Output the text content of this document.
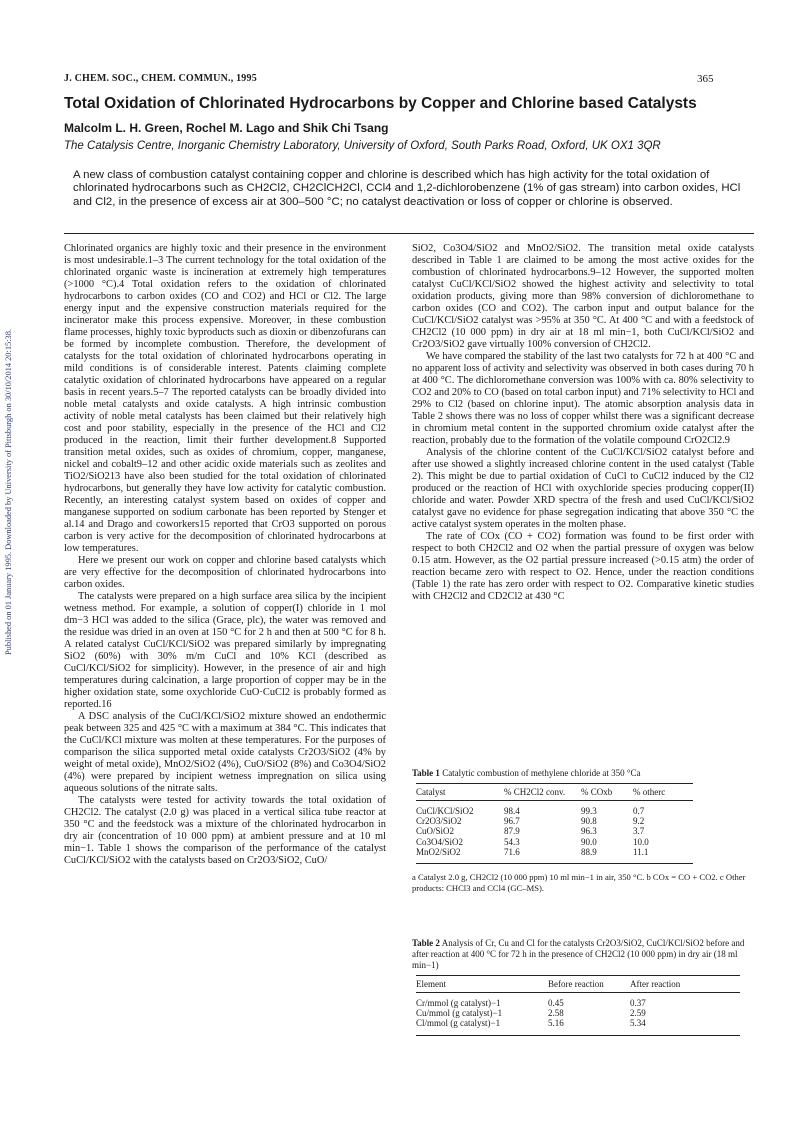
J. CHEM. SOC., CHEM. COMMUN., 1995	365
Total Oxidation of Chlorinated Hydrocarbons by Copper and Chlorine based Catalysts
Malcolm L. H. Green, Rochel M. Lago and Shik Chi Tsang
The Catalysis Centre, Inorganic Chemistry Laboratory, University of Oxford, South Parks Road, Oxford, UK OX1 3QR
A new class of combustion catalyst containing copper and chlorine is described which has high activity for the total oxidation of chlorinated hydrocarbons such as CH2Cl2, CH2ClCH2Cl, CCl4 and 1,2-dichlorobenzene (1% of gas stream) into carbon oxides, HCl and Cl2, in the presence of excess air at 300–500 °C; no catalyst deactivation or loss of copper or chlorine is observed.
Published on 01 January 1995. Downloaded by University of Pittsburgh on 30/10/2014 20:15:38.

Chlorinated organics are highly toxic and their presence in the environment is most undesirable.1–3 The current technology for the total oxidation of the chlorinated organic waste is incineration at extremely high temperatures (>1000 °C).4 Total oxidation refers to the oxidation of chlorinated hydrocarbons to carbon oxides (CO and CO2) and HCl or Cl2. The large energy input and the expensive construction materials required for the incinerator make this process expensive. Moreover, in these combustion flame processes, highly toxic byproducts such as dioxin or dibenzofurans can be formed by incomplete combustion. Therefore, the development of catalysts for the total oxidation of chlorinated hydrocarbons operating in mild conditions is of considerable interest. Patents claiming complete catalytic oxidation of chlorinated hydrocarbons have appeared on a regular basis in recent years.5–7 The reported catalysts can be broadly divided into noble metal catalysts and oxide catalysts. A high intrinsic combustion activity of noble metal catalysts has been claimed but their relatively high cost and poor stability, especially in the presence of the HCl and Cl2 produced in the reaction, limit their further development.8 Supported transition metal oxides, such as oxides of chromium, copper, manganese, nickel and cobalt9–12 and other acidic oxide materials such as zeolites and TiO2/SiO213 have also been studied for the total oxidation of chlorinated hydrocarbons, but generally they have low activity for catalytic combustion. Recently, an interesting catalyst system based on oxides of copper and manganese supported on sodium carbonate has been reported by Stenger et al.14 and Drago and coworkers15 reported that CrO3 supported on porous carbon is very active for the decomposition of chlorinated hydrocarbons at low temperatures.

Here we present our work on copper and chlorine based catalysts which are very effective for the decomposition of chlorinated hydrocarbons into carbon oxides.

The catalysts were prepared on a high surface area silica by the incipient wetness method. For example, a solution of copper(I) chloride in 1 mol dm−3 HCl was added to the silica (Grace, plc), the water was removed and the residue was dried in an oven at 150 °C for 2 h and then at 500 °C for 8 h. A related catalyst CuCl/KCl/SiO2 was prepared similarly by impregnating SiO2 (60%) with 30% m/m CuCl and 10% KCl (described as CuCl/KCl/SiO2 for simplicity). However, in the presence of air and high temperatures during calcination, a large proportion of copper may be in the higher oxidation state, some oxychloride CuO·CuCl2 is probably formed as reported.16

A DSC analysis of the CuCl/KCl/SiO2 mixture showed an endothermic peak between 325 and 425 °C with a maximum at 384 °C. This indicates that the CuCl/KCl mixture was molten at these temperatures. For the purposes of comparison the silica supported metal oxide catalysts Cr2O3/SiO2 (4% by weight of metal oxide), MnO2/SiO2 (4%), CuO/SiO2 (8%) and Co3O4/SiO2 (4%) were prepared by incipient wetness impregnation on silica using aqueous solutions of the nitrate salts.

The catalysts were tested for activity towards the total oxidation of CH2Cl2. The catalyst (2.0 g) was placed in a vertical silica tube reactor at 350 °C and the feedstock was a mixture of the chlorinated hydrocarbon in dry air (concentration of 10 000 ppm) at ambient pressure and at 10 ml min−1. Table 1 shows the comparison of the performance of the catalyst CuCl/KCl/SiO2 with the catalysts based on Cr2O3/SiO2, CuO/

SiO2, Co3O4/SiO2 and MnO2/SiO2. The transition metal oxide catalysts described in Table 1 are claimed to be among the most active oxides for the combustion of chlorinated hydrocarbons.9–12 However, the supported molten catalyst CuCl/KCl/SiO2 showed the highest activity and selectivity to total oxidation products, giving more than 98% conversion of dichloromethane to carbon oxides (CO and CO2). The carbon input and output balance for the CuCl/KCl/SiO2 catalyst was >95% at 350 °C. At 400 °C and with a feedstock of CH2Cl2 (10 000 ppm) in dry air at 18 ml min−1, both CuCl/KCl/SiO2 and Cr2O3/SiO2 gave virtually 100% conversion of CH2Cl2.

We have compared the stability of the last two catalysts for 72 h at 400 °C and no apparent loss of activity and selectivity was observed in both cases during 70 h at 400 °C. The dichloromethane conversion was 100% with ca. 80% selectivity to CO2 and 20% to CO (based on total carbon input) and 71% selectivity to HCl and 29% to Cl2 (based on chlorine input). The atomic absorption analysis data in Table 2 shows there was no loss of copper whilst there was a significant decrease in chromium metal content in the supported chromium oxide catalyst after the reaction, probably due to the formation of the volatile compound CrO2Cl2.9

Analysis of the chlorine content of the CuCl/KCl/SiO2 catalyst before and after use showed a slightly increased chlorine content in the used catalyst (Table 2). This might be due to partial oxidation of CuCl to CuCl2 induced by the Cl2 produced or the reaction of HCl with oxychloride species producing copper(II) chloride and water. Powder XRD spectra of the fresh and used CuCl/KCl/SiO2 catalyst gave no evidence for phase segregation indicating that above 350 °C the active catalyst system operates in the molten phase.

The rate of COx (CO + CO2) formation was found to be first order with respect to both CH2Cl2 and O2 when the partial pressure of oxygen was below 0.15 atm. However, as the O2 partial pressure increased (>0.15 atm) the order of reaction became zero with respect to O2. Hence, under the reaction conditions (Table 1) the rate has zero order with respect to O2. Comparative kinetic studies with CH2Cl2 and CD2Cl2 at 430 °C

Table 1 Catalytic combustion of methylene chloride at 350 °Ca
Catalyst	% CH2Cl2 conv.	% COxb	% otherc
CuCl/KCl/SiO2	98.4	99.3	0.7
Cr2O3/SiO2	96.7	90.8	9.2
CuO/SiO2	87.9	96.3	3.7
Co3O4/SiO2	54.3	90.0	10.0
MnO2/SiO2	71.6	88.9	11.1
a Catalyst 2.0 g, CH2Cl2 (10 000 ppm) 10 ml min−1 in air, 350 °C. b COx = CO + CO2. c Other products: CHCl3 and CCl4 (GC–MS).
Table 2 Analysis of Cr, Cu and Cl for the catalysts Cr2O3/SiO2, CuCl/KCl/SiO2 before and after reaction at 400 °C for 72 h in the presence of CH2Cl2 (10 000 ppm) in dry air (18 ml min−1)
Element	Before reaction	After reaction
Cr/mmol (g catalyst)−1	0.45	0.37
Cu/mmol (g catalyst)−1	2.58	2.59
Cl/mmol (g catalyst)−1	5.16	5.34
